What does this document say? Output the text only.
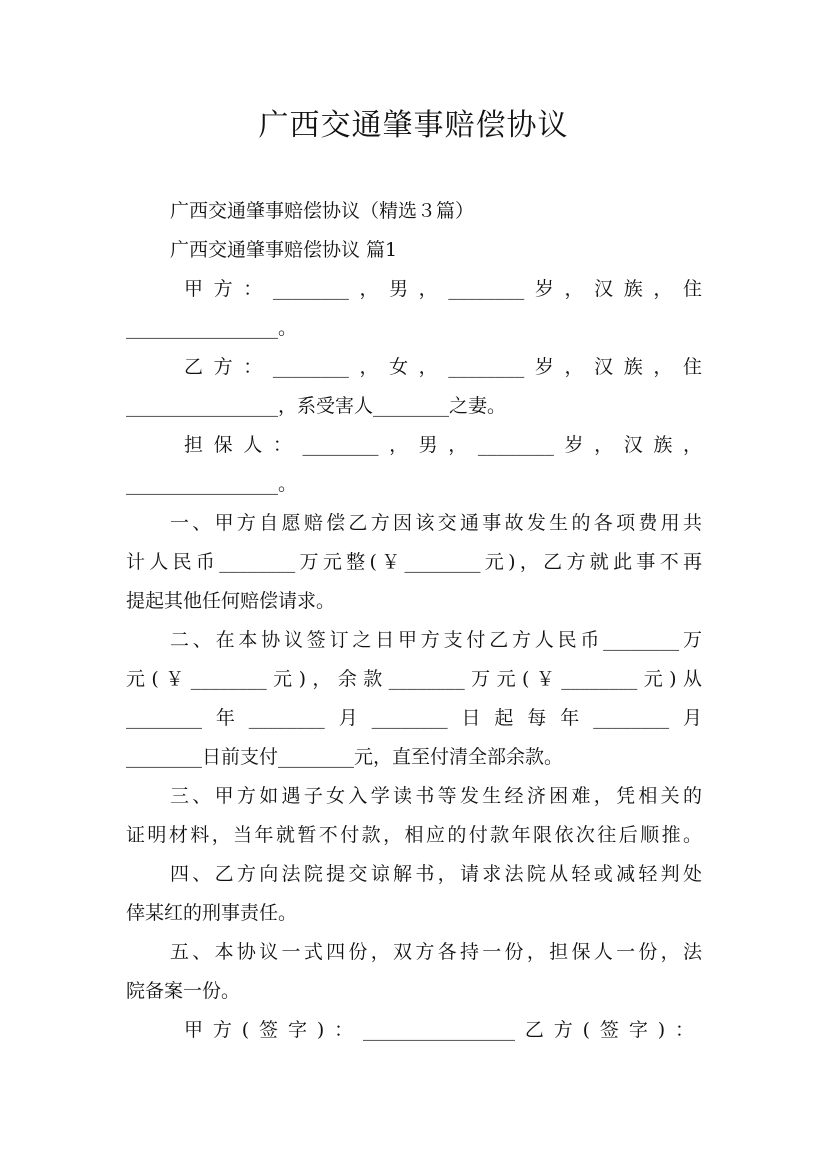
广西交通肇事赔偿协议
广西交通肇事赔偿协议（精选３篇）
广西交通肇事赔偿协议 篇1
甲方：________，男，________岁，汉族，住
________________。
乙方：________，女，________岁，汉族，住
________________，系受害人________之妻。
担保人：________，男，________岁，汉族，
________________。
一、甲方自愿赔偿乙方因该交通事故发生的各项费用共
计人民币________万元整(￥________元)，乙方就此事不再
提起其他任何赔偿请求。
二、在本协议签订之日甲方支付乙方人民币________万
元(￥________元)，余款________万元(￥________元)从
________年________月________日起每年________月
________日前支付________元，直至付清全部余款。
三、甲方如遇子女入学读书等发生经济困难，凭相关的
证明材料，当年就暂不付款，相应的付款年限依次往后顺推。
四、乙方向法院提交谅解书，请求法院从轻或减轻判处
倖某红的刑事责任。
五、本协议一式四份，双方各持一份，担保人一份，法
院备案一份。
甲方(签字)：________________乙方(签字)：
